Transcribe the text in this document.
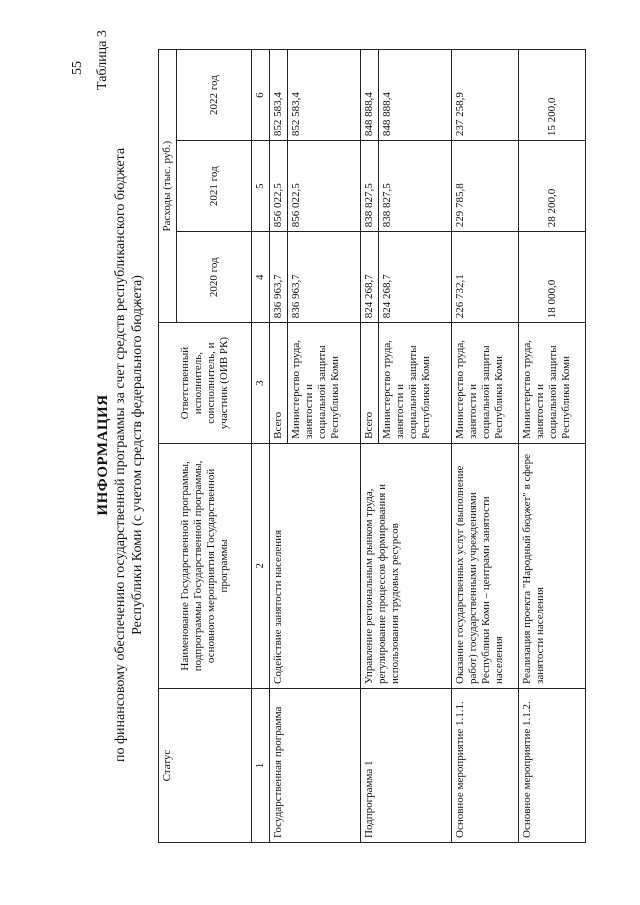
55 Таблица 3
ИНФОРМАЦИЯ по финансовому обеспечению государственной программы за счет средств республиканского бюджета Республики Коми (с учетом средств федерального бюджета)
Статус	Наименование Государственной программы, подпрограммы Государственной программы, основного мероприятия Государственной программы	Ответственный исполнитель, соисполнитель, и участник (ОИВ РК)	Расходы (тыс. руб.)		
			2020 год	2021 год	2022 год
1	2	3	4	5	6
Государственная программа	Содействие занятости населения	Всего	836 963,7	856 022,5	852 583,4
		Министерство труда, занятости и социальной защиты Республики Коми	836 963,7	856 022,5	852 583,4
Подпрограмма 1	Управление региональным рынком труда, регулирование процессов формирования и использования трудовых ресурсов	Всего	824 268,7	838 827,5	848 888,4
		Министерство труда, занятости и социальной защиты Республики Коми	824 268,7	838 827,5	848 888,4
Основное мероприятие 1.1.1.	Оказание государственных услуг (выполнение работ) государственными учреждениями Республики Коми – центрами занятости населения	Министерство труда, занятости и социальной защиты Республики Коми	226 732,1	229 785,8	237 258,9
Основное мероприятие 1.1.2.	Реализация проекта "Народный бюджет" в сфере занятости населения	Министерство труда, занятости и социальной защиты Республики Коми	18 000,0	28 200,0	15 200,0
